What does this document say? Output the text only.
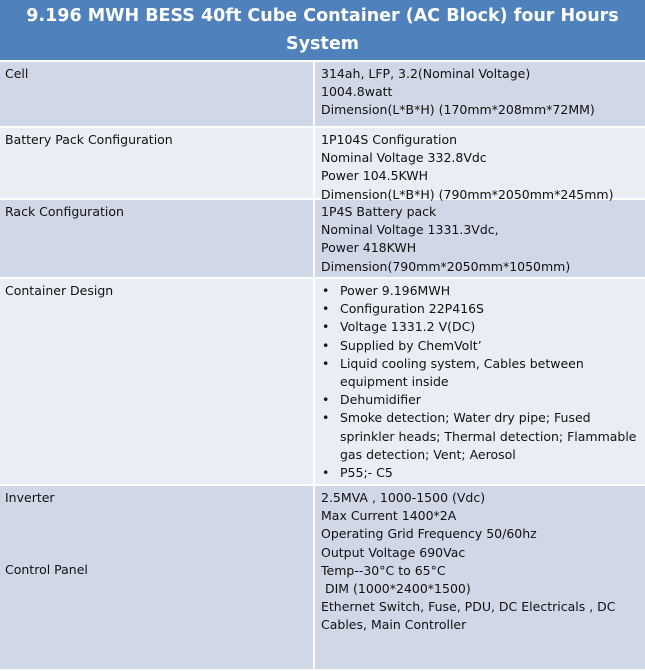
9.196 MWH BESS 40ft Cube Container (AC Block) four Hours System
Cell	314ah, LFP, 3.2(Nominal Voltage)
1004.8watt
Dimension(L*B*H) (170mm*208mm*72MM)
Battery Pack Configuration	1P104S Configuration
Nominal Voltage 332.8Vdc
Power 104.5KWH
Dimension(L*B*H) (790mm*2050mm*245mm)
Rack Configuration	1P4S Battery pack
Nominal Voltage 1331.3Vdc,
Power 418KWH
Dimension(790mm*2050mm*1050mm)
Container Design
•	Power 9.196MWH
• Configuration 22P416S
• Voltage 1331.2 V(DC)
• Supplied by ChemVolt’
• Liquid cooling system, Cables between equipment inside
• Dehumidifier
• Smoke detection; Water dry pipe; Fused sprinkler heads; Thermal detection; Flammable gas detection; Vent; Aerosol
• P55;- C5
Inverter
Control Panel
2.5MVA , 1000-1500 (Vdc)
Max Current 1400*2A
Operating Grid Frequency 50/60hz
Output Voltage 690Vac
Temp--30°C to 65°C
DIM (1000*2400*1500)
Ethernet Switch, Fuse, PDU, DC Electricals , DC Cables, Main Controller
